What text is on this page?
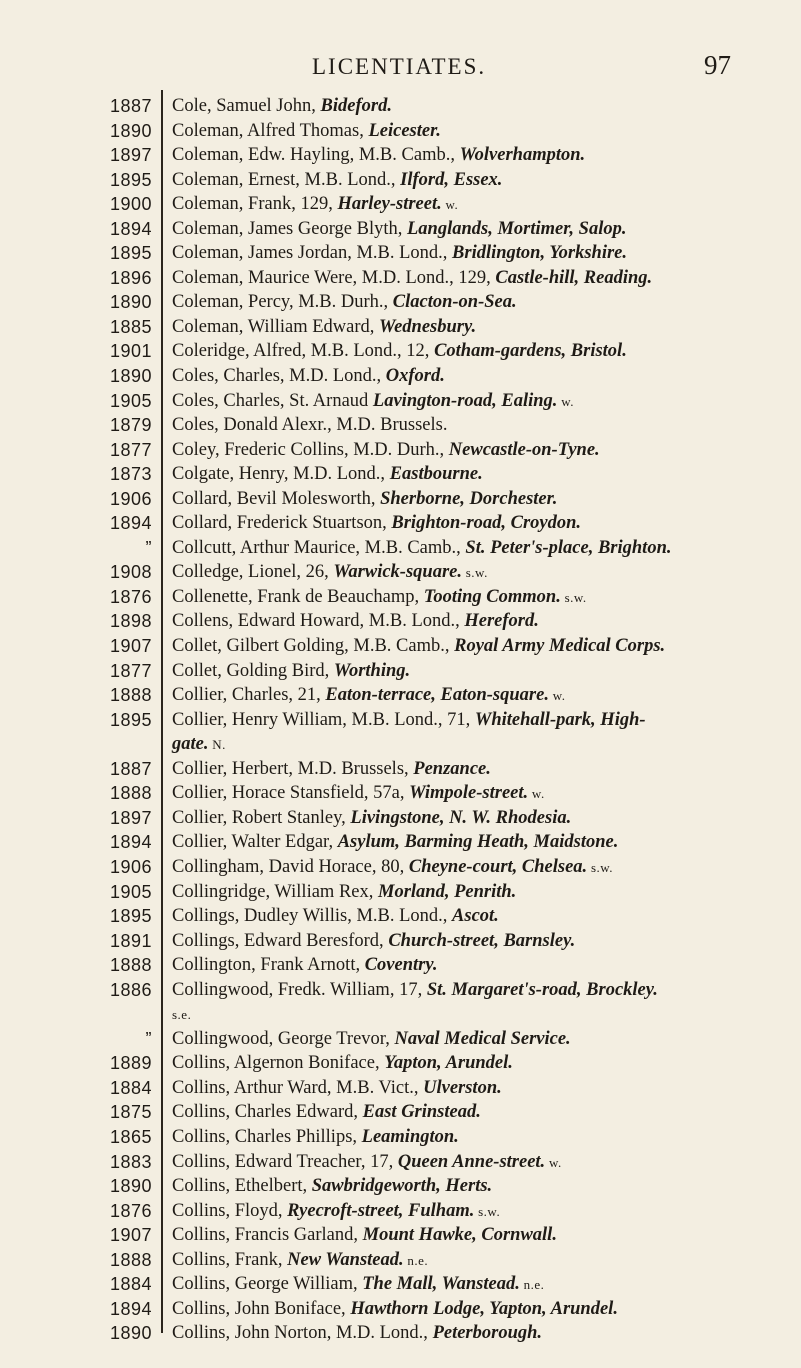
LICENTIATES.	97
1887
1890
1897
1895
1900
1894
1895
1896
1890
1885
1901
1890
1905
1879
1877
1873
1906
1894
”
1908
1876
1898
1907
1877
1888
1895
1887
1888
1897
1894
1906
1905
1895
1891
1888
1886
”
1889
1884
1875
1865
1883
1890
1876
1907
1888
1884
1894
1890
Cole, Samuel John, Bideford.
Coleman, Alfred Thomas, Leicester.
Coleman, Edw. Hayling, M.B. Camb., Wolverhampton.
Coleman, Ernest, M.B. Lond., Ilford, Essex.
Coleman, Frank, 129, Harley-street. w.
Coleman, James George Blyth, Langlands, Mortimer, Salop.
Coleman, James Jordan, M.B. Lond., Bridlington, Yorkshire.
Coleman, Maurice Were, M.D. Lond., 129, Castle-hill, Reading.
Coleman, Percy, M.B. Durh., Clacton-on-Sea.
Coleman, William Edward, Wednesbury.
Coleridge, Alfred, M.B. Lond., 12, Cotham-gardens, Bristol.
Coles, Charles, M.D. Lond., Oxford.
Coles, Charles, St. Arnaud Lavington-road, Ealing. w.
Coles, Donald Alexr., M.D. Brussels.
Coley, Frederic Collins, M.D. Durh., Newcastle-on-Tyne.
Colgate, Henry, M.D. Lond., Eastbourne.
Collard, Bevil Molesworth, Sherborne, Dorchester.
Collard, Frederick Stuartson, Brighton-road, Croydon.
Collcutt, Arthur Maurice, M.B. Camb., St. Peter's-place, Brighton.
Colledge, Lionel, 26, Warwick-square. s.w.
Collenette, Frank de Beauchamp, Tooting Common. s.w.
Collens, Edward Howard, M.B. Lond., Hereford.
Collet, Gilbert Golding, M.B. Camb., Royal Army Medical Corps.
Collet, Golding Bird, Worthing.
Collier, Charles, 21, Eaton-terrace, Eaton-square. w.
Collier, Henry William, M.B. Lond., 71, Whitehall-park, High-
gate. N.
Collier, Herbert, M.D. Brussels, Penzance.
Collier, Horace Stansfield, 57a, Wimpole-street. w.
Collier, Robert Stanley, Livingstone, N. W. Rhodesia.
Collier, Walter Edgar, Asylum, Barming Heath, Maidstone.
Collingham, David Horace, 80, Cheyne-court, Chelsea. s.w.
Collingridge, William Rex, Morland, Penrith.
Collings, Dudley Willis, M.B. Lond., Ascot.
Collings, Edward Beresford, Church-street, Barnsley.
Collington, Frank Arnott, Coventry.
Collingwood, Fredk. William, 17, St. Margaret's-road, Brockley.
s.e.
Collingwood, George Trevor, Naval Medical Service.
Collins, Algernon Boniface, Yapton, Arundel.
Collins, Arthur Ward, M.B. Vict., Ulverston.
Collins, Charles Edward, East Grinstead.
Collins, Charles Phillips, Leamington.
Collins, Edward Treacher, 17, Queen Anne-street. w.
Collins, Ethelbert, Sawbridgeworth, Herts.
Collins, Floyd, Ryecroft-street, Fulham. s.w.
Collins, Francis Garland, Mount Hawke, Cornwall.
Collins, Frank, New Wanstead. n.e.
Collins, George William, The Mall, Wanstead. n.e.
Collins, John Boniface, Hawthorn Lodge, Yapton, Arundel.
Collins, John Norton, M.D. Lond., Peterborough.
